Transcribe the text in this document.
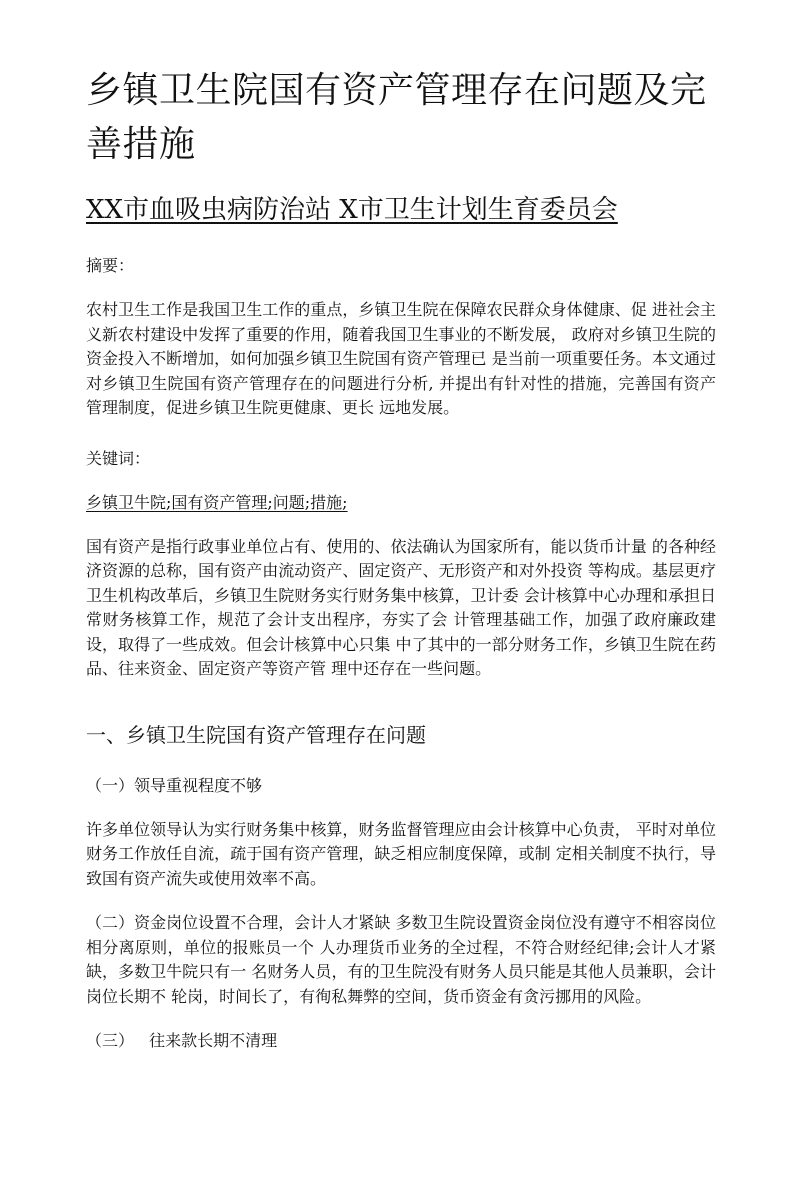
乡镇卫生院国有资产管理存在问题及完善措施
XX市血吸虫病防治站 X市卫生计划生育委员会
摘要：
农村卫生工作是我国卫生工作的重点，乡镇卫生院在保障农民群众身体健康、促 进社会主义新农村建设中发挥了重要的作用，随着我国卫生事业的不断发展， 政府对乡镇卫生院的资金投入不断增加，如何加强乡镇卫生院国有资产管理已 是当前一项重要任务。本文通过对乡镇卫生院国有资产管理存在的问题进行分析, 并提出有针对性的措施，完善国有资产管理制度，促进乡镇卫生院更健康、更长 远地发展。
关键词：
乡镇卫牛院;国有资产管理;问题;措施;
国有资产是指行政事业单位占有、使用的、依法确认为国家所有，能以货币计量 的各种经济资源的总称，国有资产由流动资产、固定资产、无形资产和对外投资 等构成。基层更疗卫生机构改革后，乡镇卫生院财务实行财务集中核算，卫计委 会计核算中心办理和承担日常财务核算工作，规范了会计支出程序，夯实了会 计管理基础工作，加强了政府廉政建设，取得了一些成效。但会计核算中心只集 中了其中的一部分财务工作，乡镇卫生院在药品、往来资金、固定资产等资产管 理中还存在一些问题。
一、乡镇卫生院国有资产管理存在问题
（一）领导重视程度不够
许多单位领导认为实行财务集中核算，财务监督管理应由会计核算中心负责， 平时对单位财务工作放任自流，疏于国有资产管理，缺乏相应制度保障，或制 定相关制度不执行，导致国有资产流失或使用效率不高。
（二）资金岗位设置不合理，会计人才紧缺 多数卫生院设置资金岗位没有遵守不相容岗位相分离原则，单位的报账员一个 人办理货币业务的全过程，不符合财经纪律;会计人才紧缺，多数卫牛院只有一 名财务人员，有的卫生院没有财务人员只能是其他人员兼职，会计岗位长期不 轮岗，时间长了，有徇私舞弊的空间，货币资金有贪污挪用的风险。
（三） 往来款长期不清理
